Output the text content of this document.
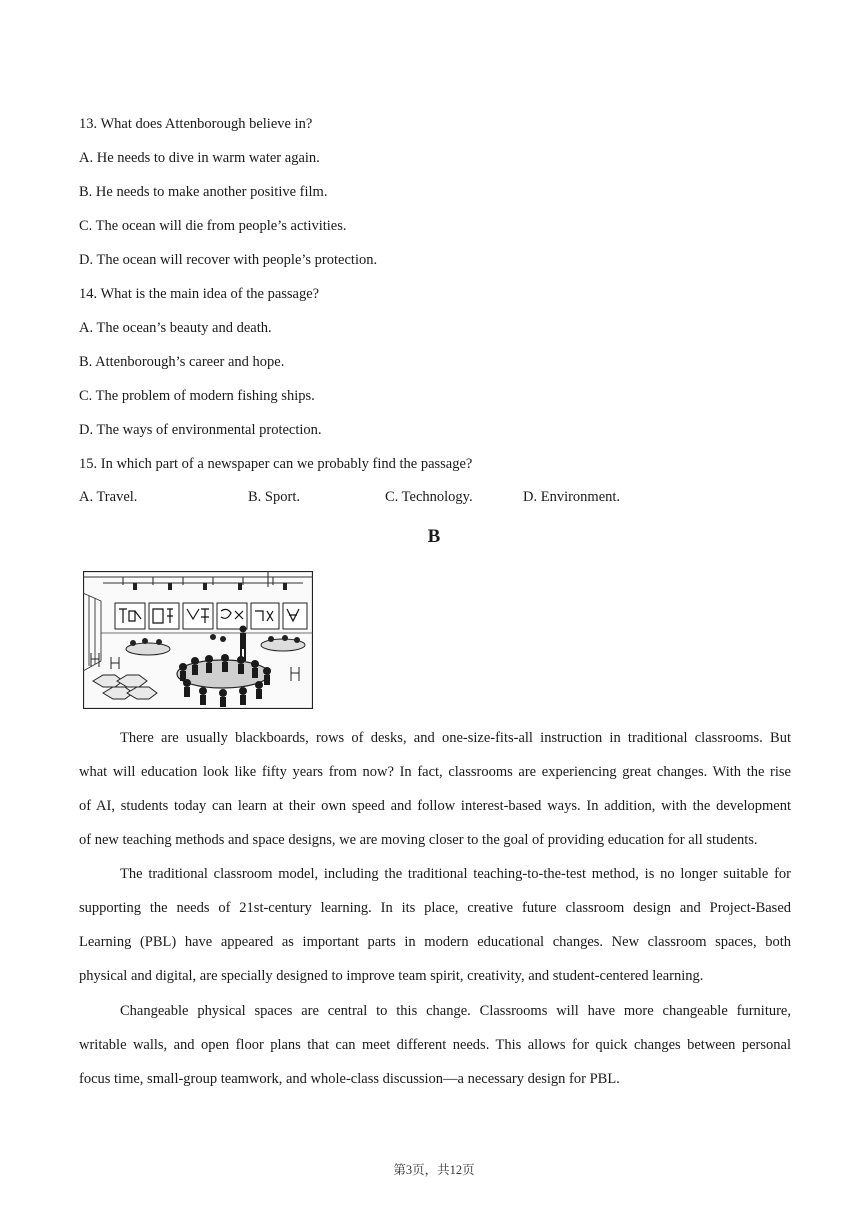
13. What does Attenborough believe in?
A. He needs to dive in warm water again.
B. He needs to make another positive film.
C. The ocean will die from people’s activities.
D. The ocean will recover with people’s protection.
14. What is the main idea of the passage?
A. The ocean’s beauty and death.
B. Attenborough’s career and hope.
C. The problem of modern fishing ships.
D. The ways of environmental protection.
15. In which part of a newspaper can we probably find the passage?
A. Travel.	B. Sport.	C. Technology.	D. Environment.
B
There are usually blackboards, rows of desks, and one-size-fits-all instruction in traditional classrooms. But
what will education look like fifty years from now? In fact, classrooms are experiencing great changes. With the rise
of AI, students today can learn at their own speed and follow interest-based ways. In addition, with the development
of new teaching methods and space designs, we are moving closer to the goal of providing education for all students.
The traditional classroom model, including the traditional teaching-to-the-test method, is no longer suitable for
supporting the needs of 21st-century learning. In its place, creative future classroom design and Project-Based
Learning (PBL) have appeared as important parts in modern educational changes. New classroom spaces, both
physical and digital, are specially designed to improve team spirit, creativity, and student-centered learning.
Changeable physical spaces are central to this change. Classrooms will have more changeable furniture,
writable walls, and open floor plans that can meet different needs. This allows for quick changes between personal
focus time, small-group teamwork, and whole-class discussion—a necessary design for PBL.
第3页，共12页
